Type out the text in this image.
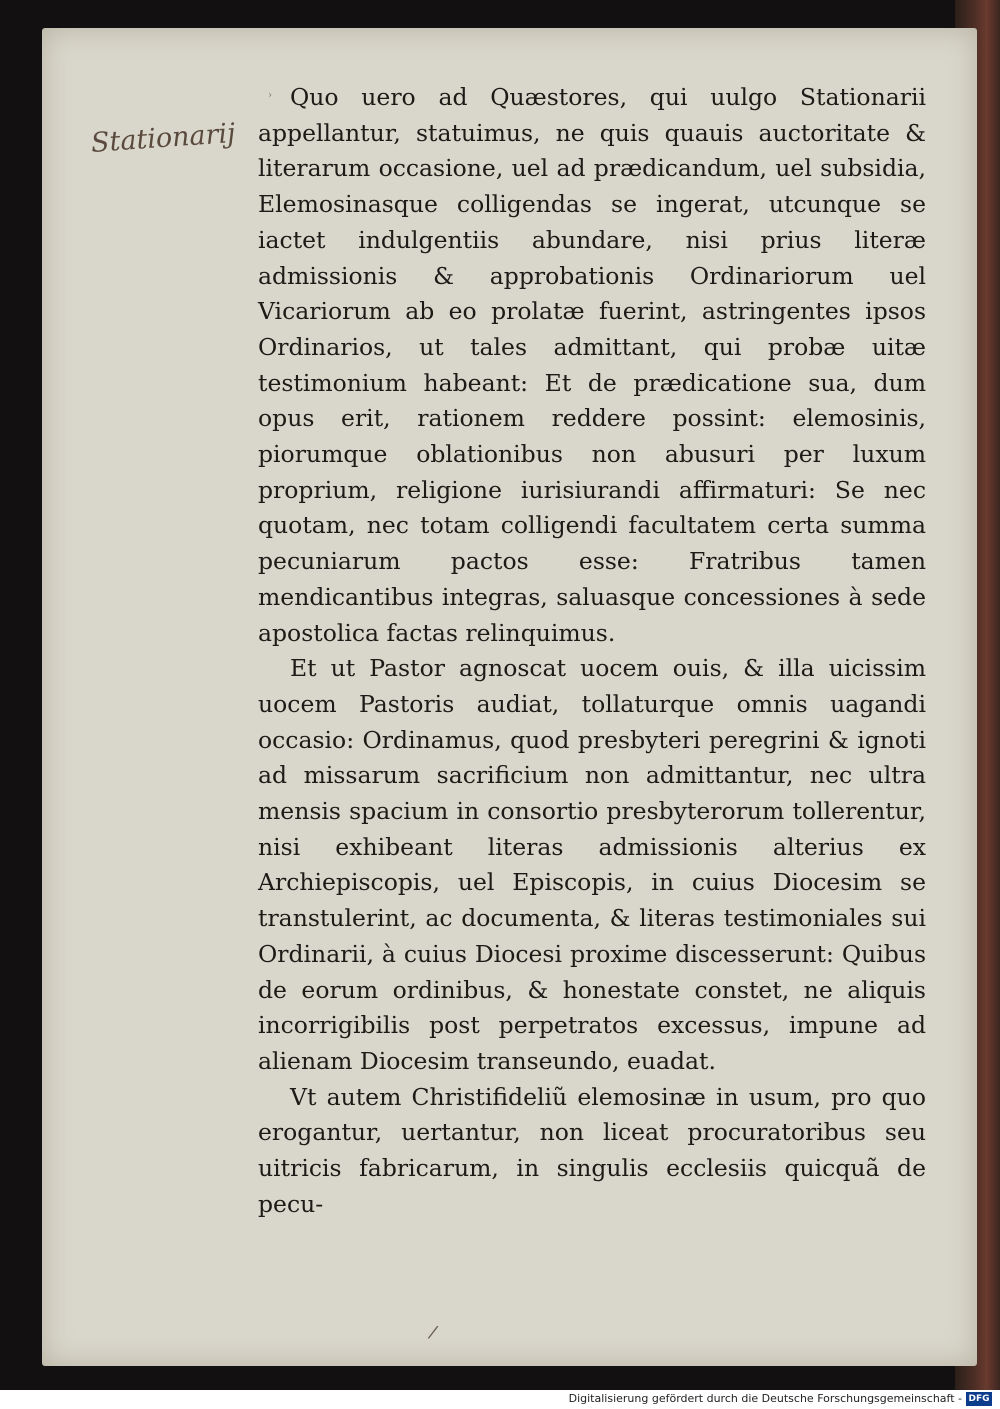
Stationarij
› Quo uero ad Quæstores, qui uulgo Stationarii appellantur, statuimus, ne quis quauis auctoritate & literarum occasione, uel ad prædicandum, uel subsidia, Elemosinasque colligendas se ingerat, utcunque se iactet indulgentiis abundare, nisi prius literæ admissionis & approbationis Ordinariorum uel Vicariorum ab eo prolatæ fuerint, astringentes ipsos Ordinarios, ut tales admittant, qui probæ uitæ testimonium habeant: Et de prædicatione sua, dum opus erit, rationem reddere possint: elemosinis, piorumque oblationibus non abusuri per luxum proprium, religione iurisiurandi affirmaturi: Se nec quotam, nec totam colligendi facultatem certa summa pecuniarum pactos esse: Fratribus tamen mendicantibus integras, saluasque concessiones à sede apostolica factas relinquimus.

Et ut Pastor agnoscat uocem ouis, & illa uicissim uocem Pastoris audiat, tollaturque omnis uagandi occasio: Ordinamus, quod presbyteri peregrini & ignoti ad missarum sacrificium non admittantur, nec ultra mensis spacium in consortio presbyterorum tollerentur, nisi exhibeant literas admissionis alterius ex Archiepiscopis, uel Episcopis, in cuius Diocesim se transtulerint, ac documenta, & literas testimoniales sui Ordinarii, à cuius Diocesi proxime discesserunt: Quibus de eorum ordinibus, & honestate constet, ne aliquis incorrigibilis post perpetratos excessus, impune ad alienam Diocesim transeundo, euadat.

Vt autem Christifideliũ elemosinæ in usum, pro quo erogantur, uertantur, non liceat procuratoribus seu uitricis fabricarum, in singulis ecclesiis quicquã de pecu-

/
Digitalisierung gefördert durch die Deutsche Forschungsgemeinschaft - DFG
